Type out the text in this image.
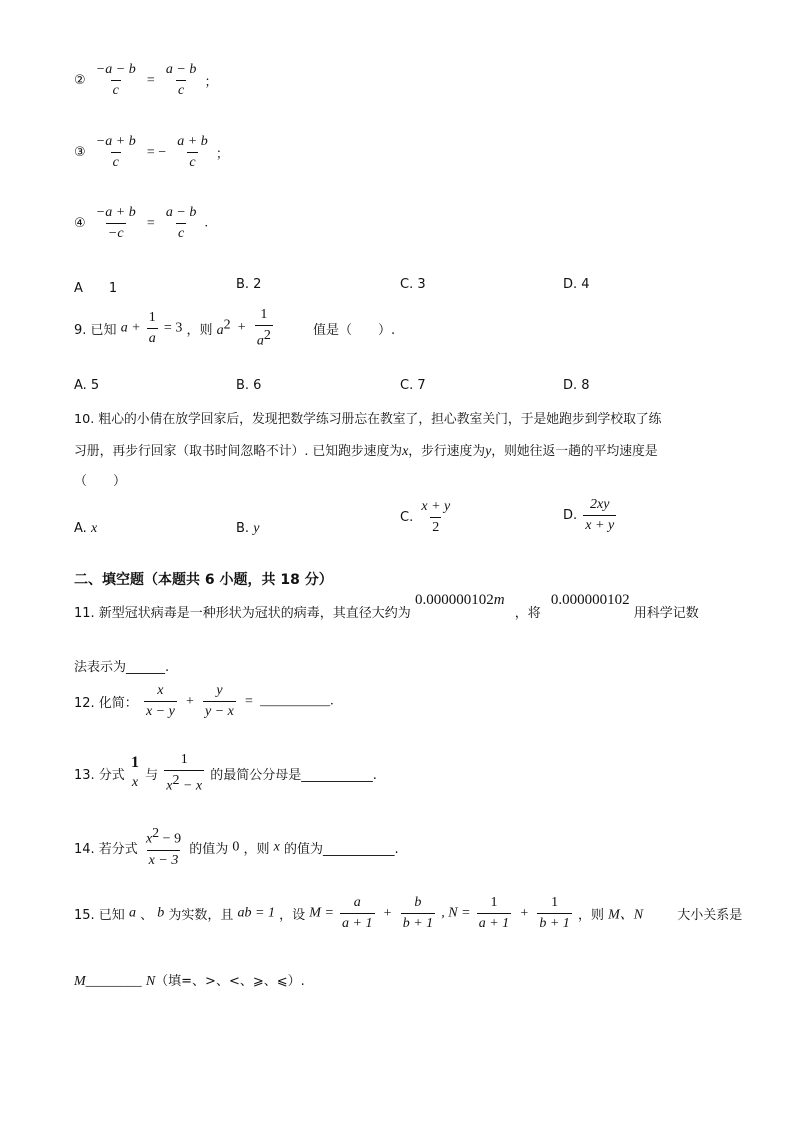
② $\frac{-a - b}{c} = \frac{a - b}{c}$ ；
③ $\frac{-a + b}{c}$ = − $\frac{a + b}{c}$ ；
④ $\frac{-a + b}{-c} = \frac{a - b}{c}$ .
A　　1	B. 2	C. 3	D. 4
9. 已知 $a + \frac{1}{a} = 3$ ，则 $a^2 + \frac{1}{a^2}$	值是（　　）.
A. 5	B. 6	C. 7	D. 8
10. 粗心的小倩在放学回家后，发现把数学练习册忘在教室了，担心教室关门，于是她跑步到学校取了练
习册，再步行回家（取书时间忽略不计）. 已知跑步速度为x，步行速度为y，则她往返一趟的平均速度是
（　　）
A. x	B. y
C. $\frac{x + y}{2}$	D. $\frac{2xy}{x + y}$
二、填空题（本题共 6 小题，共 18 分）
11. 新型冠状病毒是一种形状为冠状的病毒，其直径大约为 0.000000102m ，将 0.000000102 用科学记数
法表示为______.
12. 化简： $\frac{x}{x - y} + \frac{y}{y - x}$ = __________.
13. 分式
1
x 与 $\frac{1}{x^2 - x}$ 的最简公分母是___________.
14. 若分式 $\frac{x^2 - 9}{x - 3}$ 的值为 0 ，则 x 的值为___________.
15. 已知 a 、 b 为实数，且 ab = 1 ，设 $M = \frac{a}{a + 1} + \frac{b}{b + 1}$ , $N = \frac{1}{a + 1} + \frac{1}{b + 1}$ ，则 M、N	大小关系是
M________ N（填=、>、<、⩾、⩽）.
